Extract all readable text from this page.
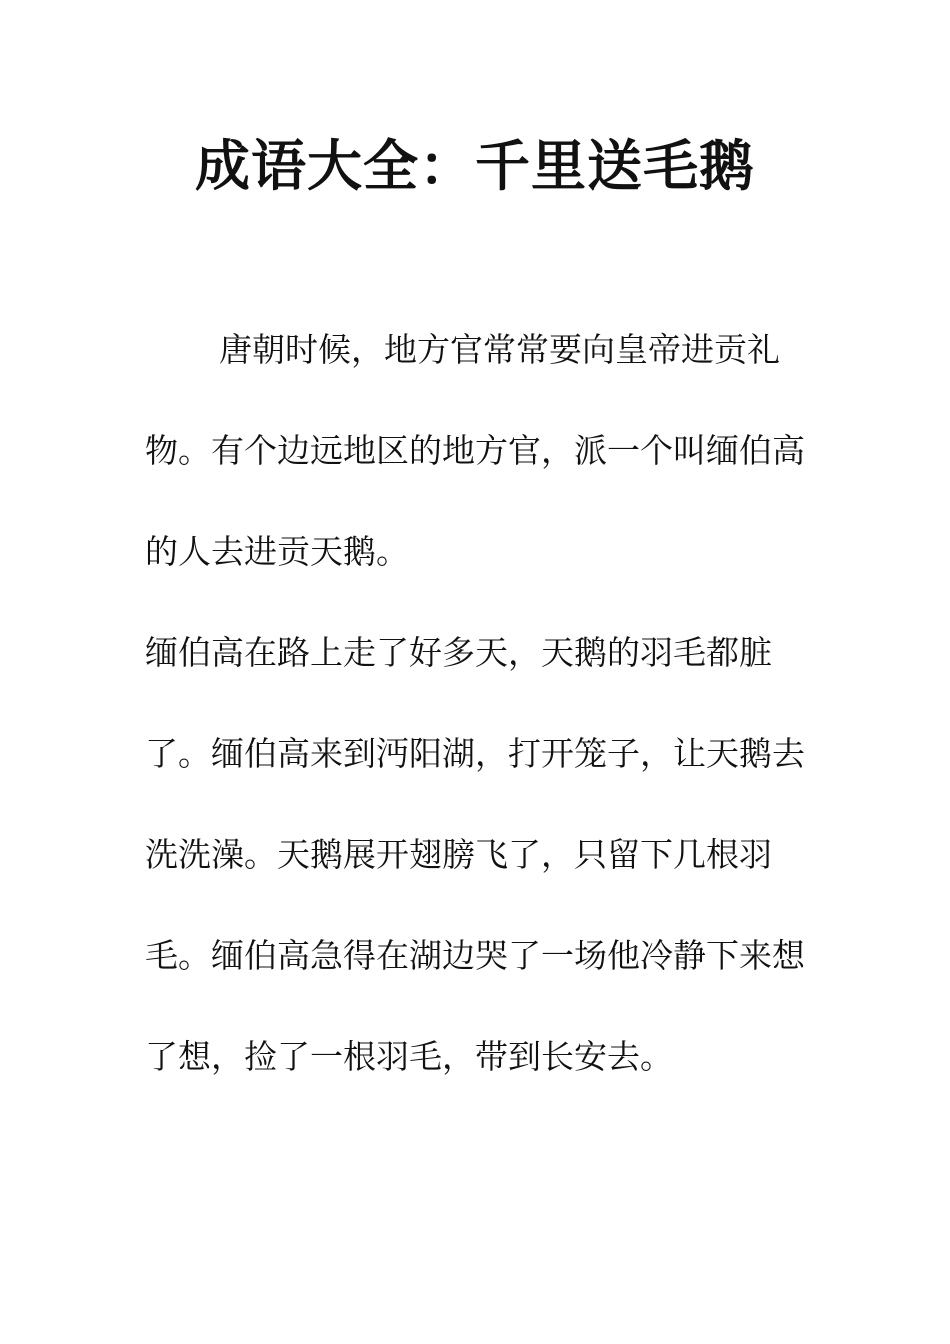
成语大全：千里送毛鹅

唐朝时候，地方官常常要向皇帝进贡礼物。有个边远地区的地方官，派一个叫缅伯高的人去进贡天鹅。

缅伯高在路上走了好多天，天鹅的羽毛都脏了。缅伯高来到沔阳湖，打开笼子，让天鹅去洗洗澡。天鹅展开翅膀飞了，只留下几根羽毛。缅伯高急得在湖边哭了一场他冷静下来想了想，捡了一根羽毛，带到长安去。
